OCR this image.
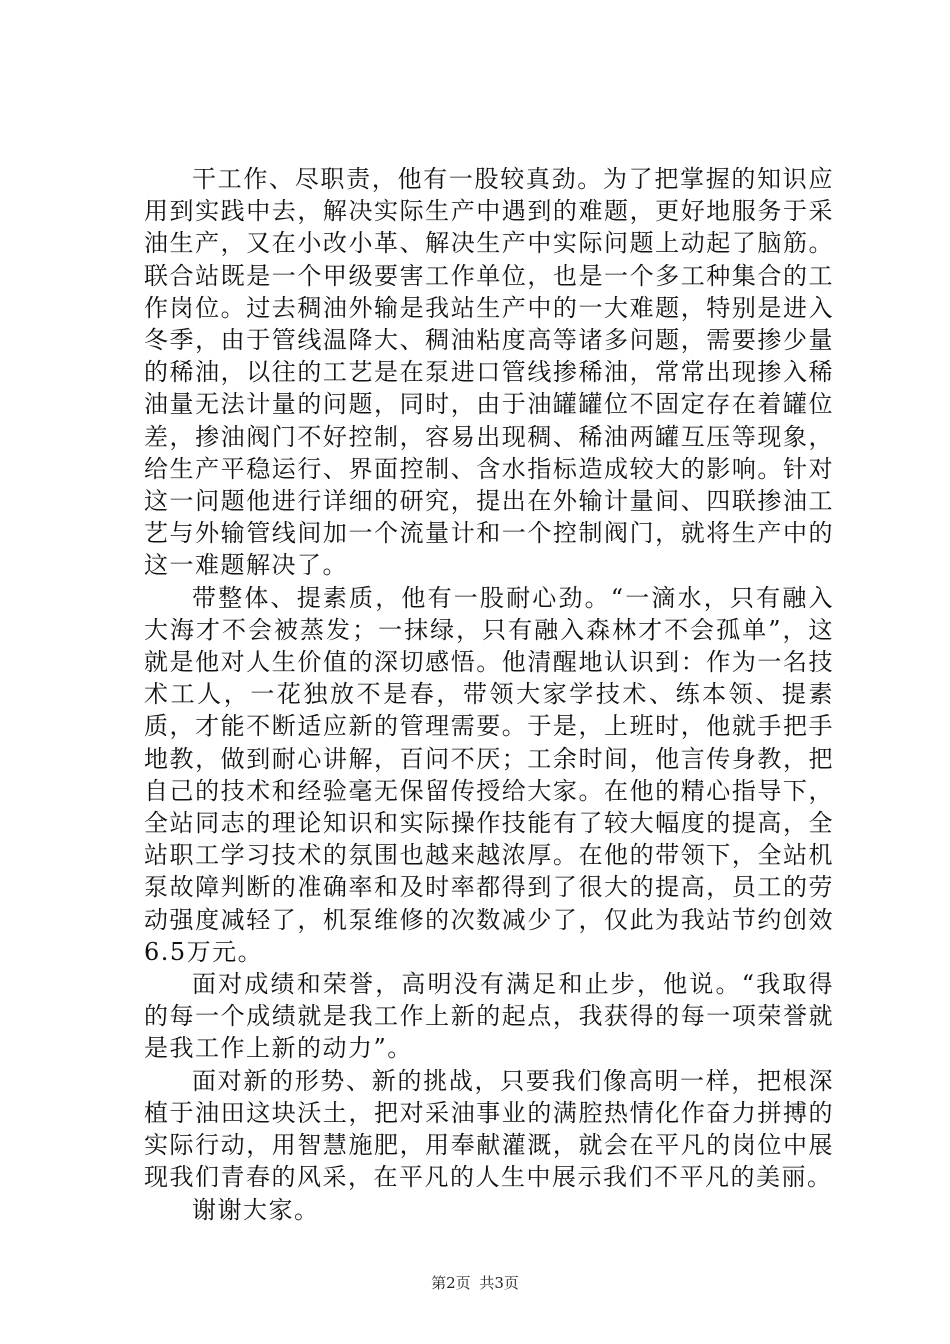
干工作、尽职责，他有一股较真劲。为了把掌握的知识应用到实践中去，解决实际生产中遇到的难题，更好地服务于采油生产，又在小改小革、解决生产中实际问题上动起了脑筋。联合站既是一个甲级要害工作单位，也是一个多工种集合的工作岗位。过去稠油外输是我站生产中的一大难题，特别是进入冬季，由于管线温降大、稠油粘度高等诸多问题，需要掺少量的稀油，以往的工艺是在泵进口管线掺稀油，常常出现掺入稀油量无法计量的问题，同时，由于油罐罐位不固定存在着罐位差，掺油阀门不好控制，容易出现稠、稀油两罐互压等现象，给生产平稳运行、界面控制、含水指标造成较大的影响。针对这一问题他进行详细的研究，提出在外输计量间、四联掺油工艺与外输管线间加一个流量计和一个控制阀门，就将生产中的这一难题解决了。

带整体、提素质，他有一股耐心劲。“一滴水，只有融入大海才不会被蒸发；一抹绿，只有融入森林才不会孤单”，这就是他对人生价值的深切感悟。他清醒地认识到：作为一名技术工人，一花独放不是春，带领大家学技术、练本领、提素质，才能不断适应新的管理需要。于是，上班时，他就手把手地教，做到耐心讲解，百问不厌；工余时间，他言传身教，把自己的技术和经验毫无保留传授给大家。在他的精心指导下，全站同志的理论知识和实际操作技能有了较大幅度的提高，全站职工学习技术的氛围也越来越浓厚。在他的带领下，全站机泵故障判断的准确率和及时率都得到了很大的提高，员工的劳动强度减轻了，机泵维修的次数减少了，仅此为我站节约创效6.5万元。

面对成绩和荣誉，高明没有满足和止步，他说。“我取得的每一个成绩就是我工作上新的起点，我获得的每一项荣誉就是我工作上新的动力”。

面对新的形势、新的挑战，只要我们像高明一样，把根深植于油田这块沃土，把对采油事业的满腔热情化作奋力拼搏的实际行动，用智慧施肥，用奉献灌溉，就会在平凡的岗位中展现我们青春的风采，在平凡的人生中展示我们不平凡的美丽。

谢谢大家。

第2页 共3页
